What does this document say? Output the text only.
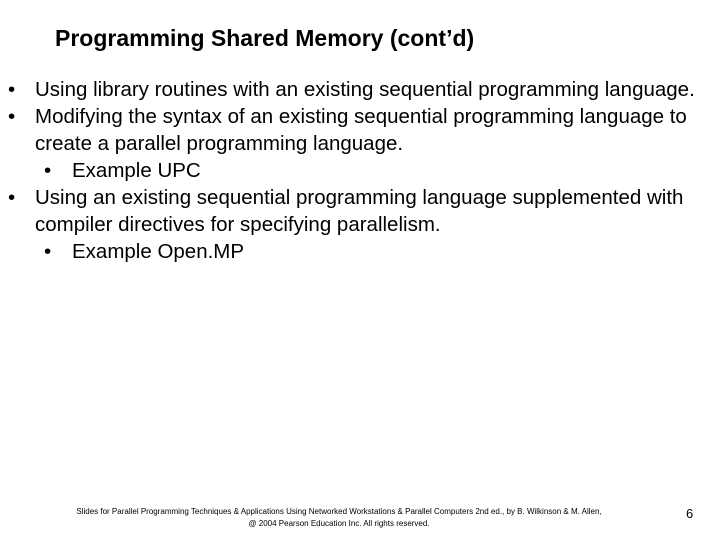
Programming Shared Memory (cont’d)
• Using library routines with an existing sequential programming language.
• Modifying the syntax of an existing sequential programming language to create a parallel programming language.
• Example UPC
• Using an existing sequential programming language supplemented with compiler directives for specifying parallelism.
• Example Open.MP
Slides for Parallel Programming Techniques & Applications Using Networked Workstations & Parallel Computers 2nd ed., by B. Wilkinson & M. Allen,
@ 2004 Pearson Education Inc. All rights reserved.
6
